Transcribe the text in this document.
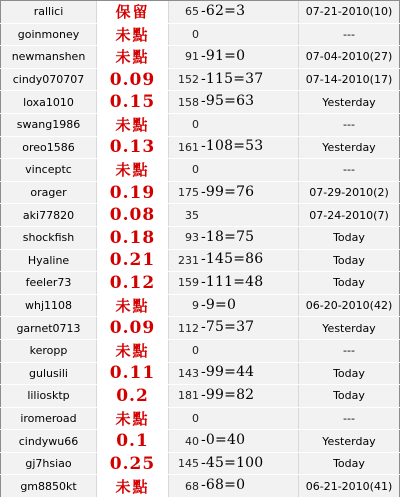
rallici	保留	65 -62=3	07-21-2010(10)
goinmoney	未點	0	---
newmanshen	未點	91 -91=0	07-04-2010(27)
cindy070707	0.09	152 -115=37	07-14-2010(17)
loxa1010	0.15	158 -95=63	Yesterday
swang1986	未點	0	---
oreo1586	0.13	161 -108=53	Yesterday
vinceptc	未點	0	---
orager	0.19	175 -99=76	07-29-2010(2)
aki77820	0.08	35	07-24-2010(7)
shockfish	0.18	93 -18=75	Today
Hyaline	0.21	231 -145=86	Today
feeler73	0.12	159 -111=48	Today
whj1108	未點	9 -9=0	06-20-2010(42)
garnet0713	0.09	112 -75=37	Yesterday
keropp	未點	0	---
gulusili	0.11	143 -99=44	Today
liliosktp	0.2	181 -99=82	Today
iromeroad	未點	0	---
cindywu66	0.1	40 -0=40	Yesterday
gj7hsiao	0.25	145 -45=100	Today
gm8850kt	未點	68 -68=0	06-21-2010(41)
